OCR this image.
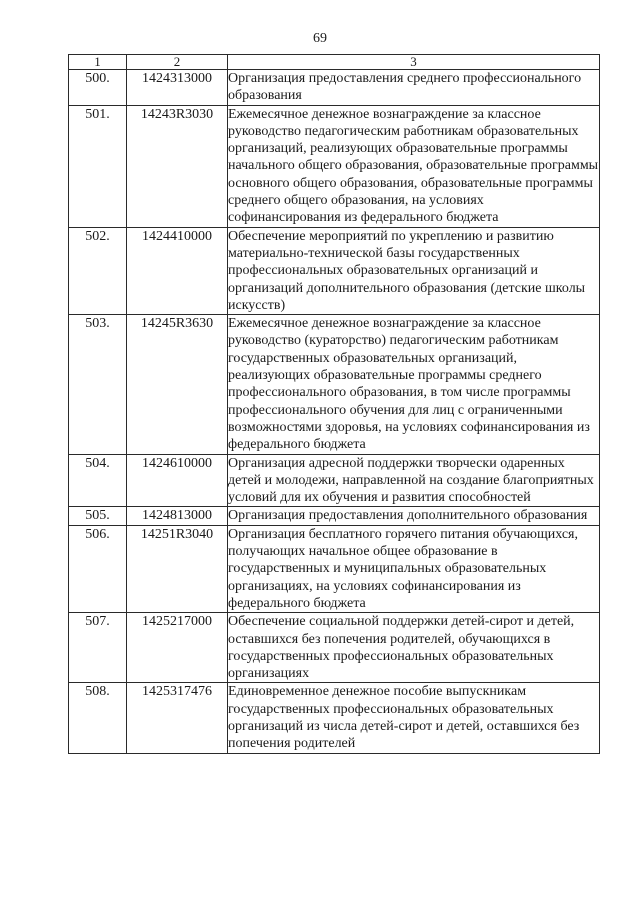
69
1	2	3
500.	1424313000	Организация предоставления среднего профессионального образования
501.	14243R3030	Ежемесячное денежное вознаграждение за классное руководство педагогическим работникам образовательных организаций, реализующих образовательные программы начального общего образования, образовательные программы основного общего образования, образовательные программы среднего общего образования, на условиях софинансирования из федерального бюджета
502.	1424410000	Обеспечение мероприятий по укреплению и развитию материально-технической базы государственных профессиональных образовательных организаций и организаций дополнительного образования (детские школы искусств)
503.	14245R3630	Ежемесячное денежное вознаграждение за классное руководство (кураторство) педагогическим работникам государственных образовательных организаций, реализующих образовательные программы среднего профессионального образования, в том числе программы профессионального обучения для лиц с ограниченными возможностями здоровья, на условиях софинансирования из федерального бюджета
504.	1424610000	Организация адресной поддержки творчески одаренных детей и молодежи, направленной на создание благоприятных условий для их обучения и развития способностей
505.	1424813000	Организация предоставления дополнительного образования
506.	14251R3040	Организация бесплатного горячего питания обучающихся, получающих начальное общее образование в государственных и муниципальных образовательных организациях, на условиях софинансирования из федерального бюджета
507.	1425217000	Обеспечение социальной поддержки детей-сирот и детей, оставшихся без попечения родителей, обучающихся в государственных профессиональных образовательных организациях
508.	1425317476	Единовременное денежное пособие выпускникам государственных профессиональных образовательных организаций из числа детей-сирот и детей, оставшихся без попечения родителей
